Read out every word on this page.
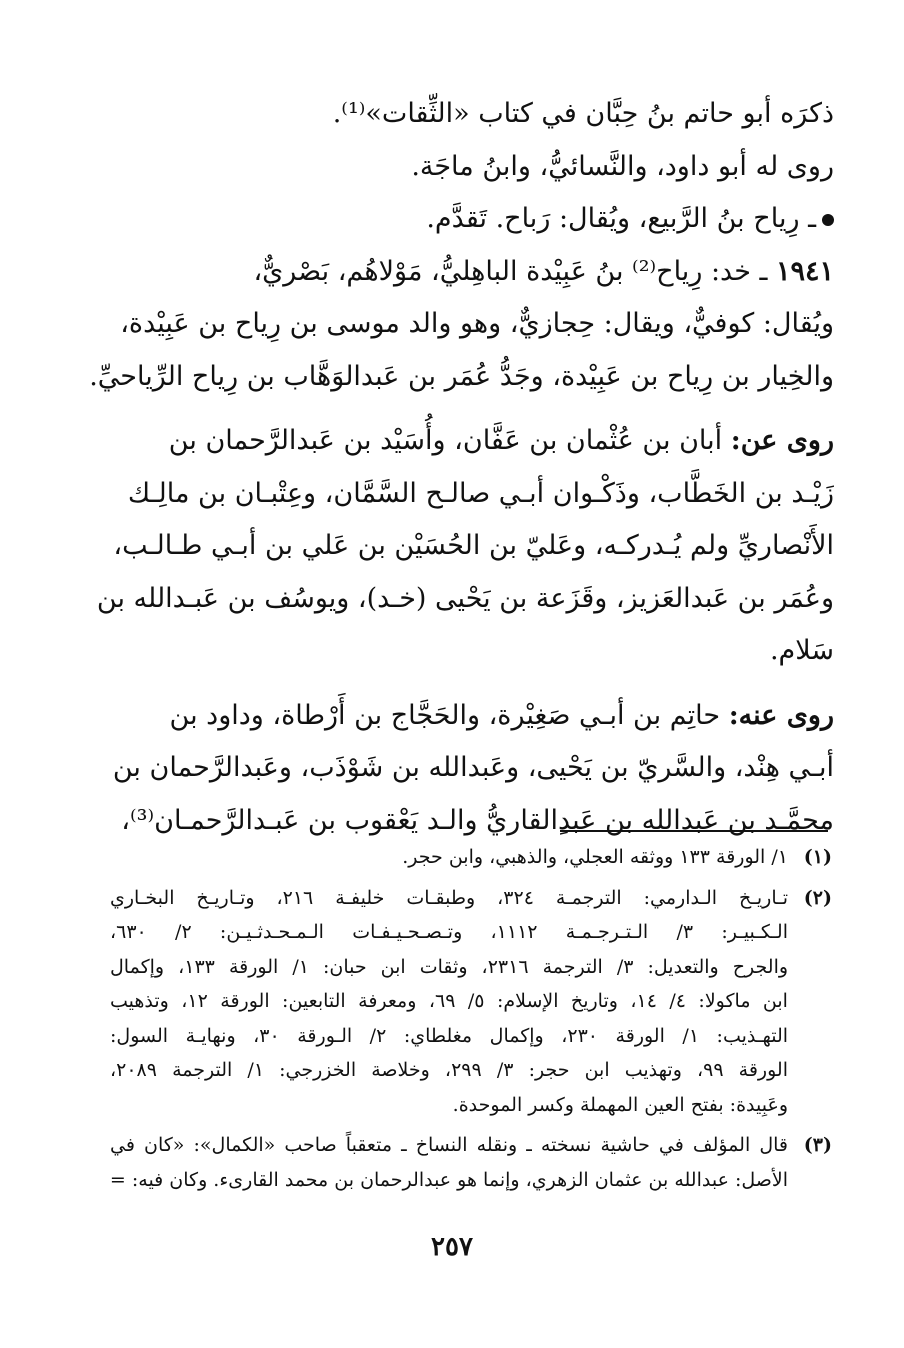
ذكرَه أبو حاتم بنُ حِبَّان في كتاب «الثِّقات»⁽¹⁾.
روى له أبو داود، والنَّسائيُّ، وابنُ ماجَة.
ـ رِياح بنُ الرَّبيع، ويُقال: رَباح. تَقدَّم.
١٩٤١ ـ خد: رِياح⁽²⁾ بنُ عَبِيْدة الباهِليُّ، مَوْلاهُم، بَصْريٌّ،
ويُقال: كوفيٌّ، ويقال: حِجازيٌّ، وهو والد موسى بن رِياح بن عَبِيْدة،
والخِيار بن رِياح بن عَبِيْدة، وجَدُّ عُمَر بن عَبدالوَهَّاب بن رِياح الرِّياحيِّ.
روى عن: أبان بن عُثْمان بن عَفَّان، وأُسَيْد بن عَبدالرَّحمان بن
زَيْـد بن الخَطَّاب، وذَكْـوان أبـي صالـح السَّمَّان، وعِتْبـان بن مالِـك
الأَنْصاريِّ ولم يُـدركـه، وعَليّ بن الحُسَيْن بن عَلي بن أبـي طـالـب،
وعُمَر بن عَبدالعَزيز، وقَزَعة بن يَحْيى (خـد)، ويوسُف بن عَبـدالله بن
سَلام.
روى عنه: حاتِم بن أبـي صَغِيْرة، والحَجَّاج بن أَرْطاة، وداود بن
أبـي هِنْد، والسَّريّ بن يَحْيى، وعَبدالله بن شَوْذَب، وعَبدالرَّحمان بن
محمَّـد بن عَبدالله بن عَبدِالقاريُّ والـد يَعْقوب بن عَبـدالرَّحمـان⁽³⁾،
(١)
١/ الورقة ١٣٣ ووثقه العجلي، والذهبي، وابن حجر.
(٢)
تـاريـخ الـدارمي: الترجمـة ٣٢٤، وطبقـات خليفـة ٢١٦، وتـاريـخ البخـاري
الـكـبيـر: ٣/ الـتـرجـمـة ١١١٢، وتـصـحـيـفـات الـمـحـدثـيـن: ٢/ ٦٣٠،
والجرح والتعديل: ٣/ الترجمة ٢٣١٦، وثقات ابن حبان: ١/ الورقة ١٣٣، وإكمال
ابن ماكولا: ٤/ ١٤، وتاريخ الإسلام: ٥/ ٦٩، ومعرفة التابعين: الورقة ١٢، وتذهيب
التهـذيب: ١/ الورقة ٢٣٠، وإكمال مغلطاي: ٢/ الـورقة ٣٠، ونهايـة السول:
الورقة ٩٩، وتهذيب ابن حجر: ٣/ ٢٩٩، وخلاصة الخزرجي: ١/ الترجمة ٢٠٨٩،
وعَبِيدة: بفتح العين المهملة وكسر الموحدة.
(٣)
قال المؤلف في حاشية نسخته ـ ونقله النساخ ـ متعقباً صاحب «الكمال»: «كان في
الأصل: عبدالله بن عثمان الزهري، وإنما هو عبدالرحمان بن محمد القارىء. وكان فيه: =
٢٥٧
